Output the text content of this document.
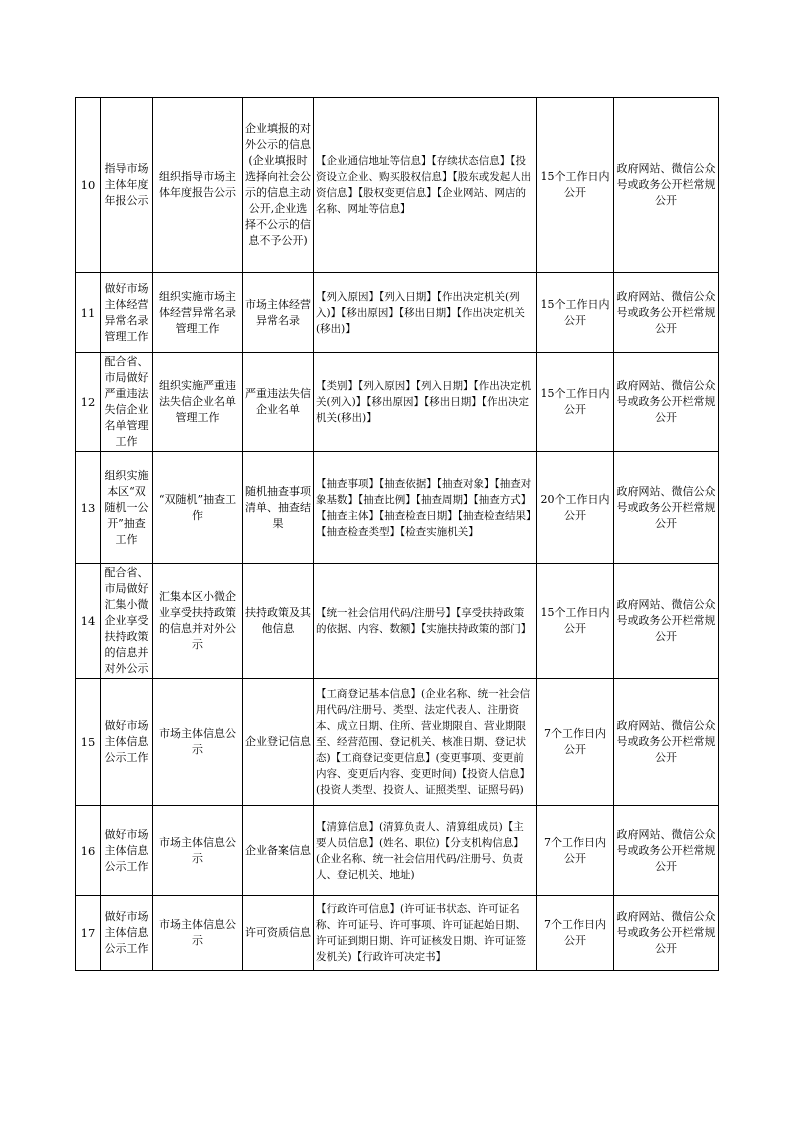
10	指导市场主体年度年报公示	组织指导市场主体年度报告公示	企业填报的对外公示的信息(企业填报时选择向社会公示的信息主动公开,企业选择不公示的信息不予公开)	【企业通信地址等信息】【存续状态信息】【投资设立企业、购买股权信息】【股东或发起人出资信息】【股权变更信息】【企业网站、网店的名称、网址等信息】	15个工作日内公开	政府网站、微信公众号或政务公开栏常规公开
11	做好市场主体经营异常名录管理工作	组织实施市场主体经营异常名录管理工作	市场主体经营异常名录	【列入原因】【列入日期】【作出决定机关(列入)】【移出原因】【移出日期】【作出决定机关(移出)】	15个工作日内公开	政府网站、微信公众号或政务公开栏常规公开
12	配合省、市局做好严重违法失信企业名单管理工作	组织实施严重违法失信企业名单管理工作	严重违法失信企业名单	【类别】【列入原因】【列入日期】【作出决定机关(列入)】【移出原因】【移出日期】【作出决定机关(移出)】	15个工作日内公开	政府网站、微信公众号或政务公开栏常规公开
13	组织实施本区“双随机一公开”抽查工作	“双随机”抽查工作	随机抽查事项清单、抽查结果	【抽查事项】【抽查依据】【抽查对象】【抽查对象基数】【抽查比例】【抽查周期】【抽查方式】【抽查主体】【抽查检查日期】【抽查检查结果】【抽查检查类型】【检查实施机关】	20个工作日内公开	政府网站、微信公众号或政务公开栏常规公开
14	配合省、市局做好汇集小微企业享受扶持政策的信息并对外公示	汇集本区小微企业享受扶持政策的信息并对外公示	扶持政策及其他信息	【统一社会信用代码/注册号】【享受扶持政策的依据、内容、数额】【实施扶持政策的部门】	15个工作日内公开	政府网站、微信公众号或政务公开栏常规公开
15	做好市场主体信息公示工作	市场主体信息公示	企业登记信息	【工商登记基本信息】(企业名称、统一社会信用代码/注册号、类型、法定代表人、注册资本、成立日期、住所、营业期限自、营业期限至、经营范围、登记机关、核准日期、登记状态)【工商登记变更信息】(变更事项、变更前内容、变更后内容、变更时间)【投资人信息】(投资人类型、投资人、证照类型、证照号码)	7个工作日内公开	政府网站、微信公众号或政务公开栏常规公开
16	做好市场主体信息公示工作	市场主体信息公示	企业备案信息	【清算信息】(清算负责人、清算组成员)【主要人员信息】(姓名、职位)【分支机构信息】(企业名称、统一社会信用代码/注册号、负责人、登记机关、地址)	7个工作日内公开	政府网站、微信公众号或政务公开栏常规公开
17	做好市场主体信息公示工作	市场主体信息公示	许可资质信息	【行政许可信息】(许可证书状态、许可证名称、许可证号、许可事项、许可证起始日期、许可证到期日期、许可证核发日期、许可证签发机关)【行政许可决定书】	7个工作日内公开	政府网站、微信公众号或政务公开栏常规公开
